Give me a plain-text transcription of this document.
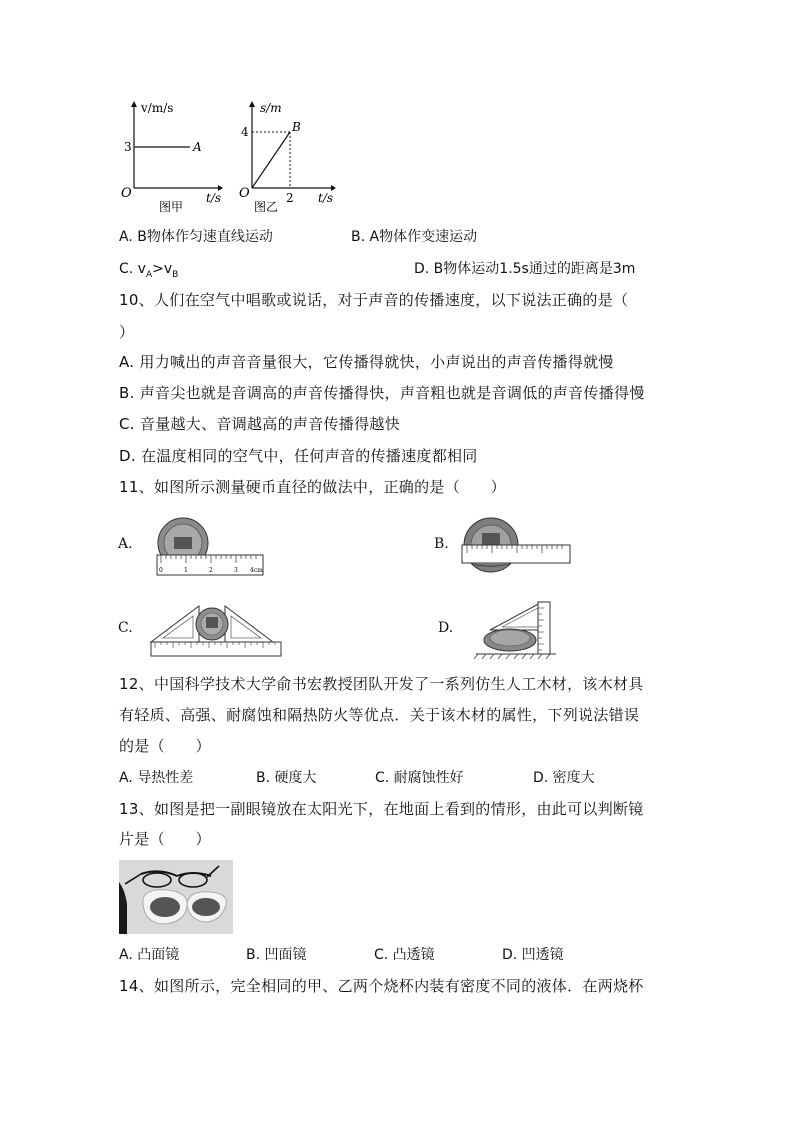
v/m/s
t/s
O
3	A
图甲
s/m
t/s
O
4
2
B
图乙
A. B物体作匀速直线运动	B. A物体作变速运动
C. $v_A>v_B$	D. B物体运动1.5s通过的距离是3m
10、人们在空气中唱歌或说话，对于声音的传播速度，以下说法正确的是（
）
A. 用力喊出的声音音量很大，它传播得就快，小声说出的声音传播得就慢
B. 声音尖也就是音调高的声音传播得快，声音粗也就是音调低的声音传播得慢
C. 音量越大、音调越高的声音传播得越快
D. 在温度相同的空气中，任何声音的传播速度都相同
11、如图所示测量硬币直径的做法中，正确的是（　　）
A.	B.
C.	D.
0	1	2	3 4cm
12、中国科学技术大学俞书宏教授团队开发了一系列仿生人工木材，该木材具
有轻质、高强、耐腐蚀和隔热防火等优点．关于该木材的属性，下列说法错误
的是（　　）
A. 导热性差	B. 硬度大	C. 耐腐蚀性好	D. 密度大
13、如图是把一副眼镜放在太阳光下，在地面上看到的情形，由此可以判断镜
片是（　　）
A. 凸面镜	B. 凹面镜	C. 凸透镜	D. 凹透镜
14、如图所示，完全相同的甲、乙两个烧杯内装有密度不同的液体．在两烧杯
